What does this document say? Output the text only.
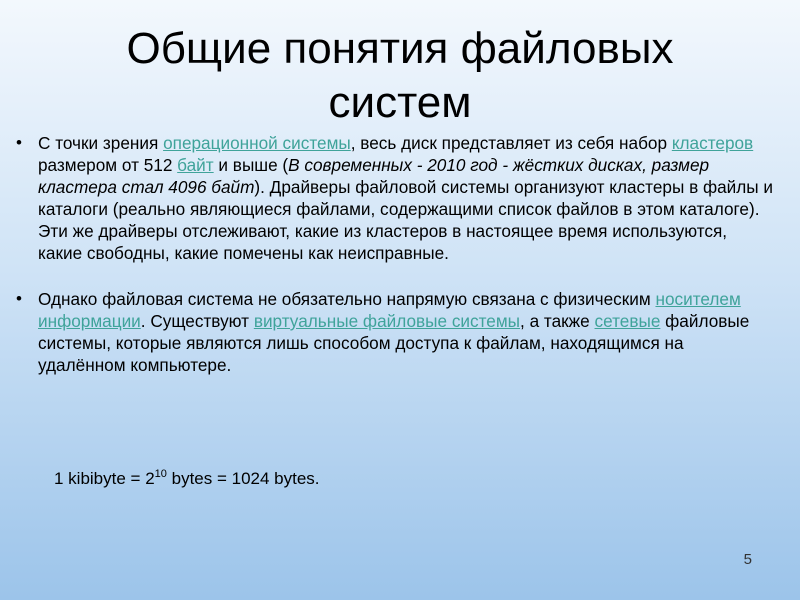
Общие понятия файловых
систем
• С точки зрения операционной системы, весь диск представляет из себя набор кластеров размером от 512 байт и выше (В современных - 2010 год - жёстких дисках, размер кластера стал 4096 байт). Драйверы файловой системы организуют кластеры в файлы и каталоги (реально являющиеся файлами, содержащими список файлов в этом каталоге). Эти же драйверы отслеживают, какие из кластеров в настоящее время используются, какие свободны, какие помечены как неисправные.
• Однако файловая система не обязательно напрямую связана с физическим носителем информации. Существуют виртуальные файловые системы, а также сетевые файловые системы, которые являются лишь способом доступа к файлам, находящимся на удалённом компьютере.
1 kibibyte = $2^{10}$ bytes = 1024 bytes.
5
